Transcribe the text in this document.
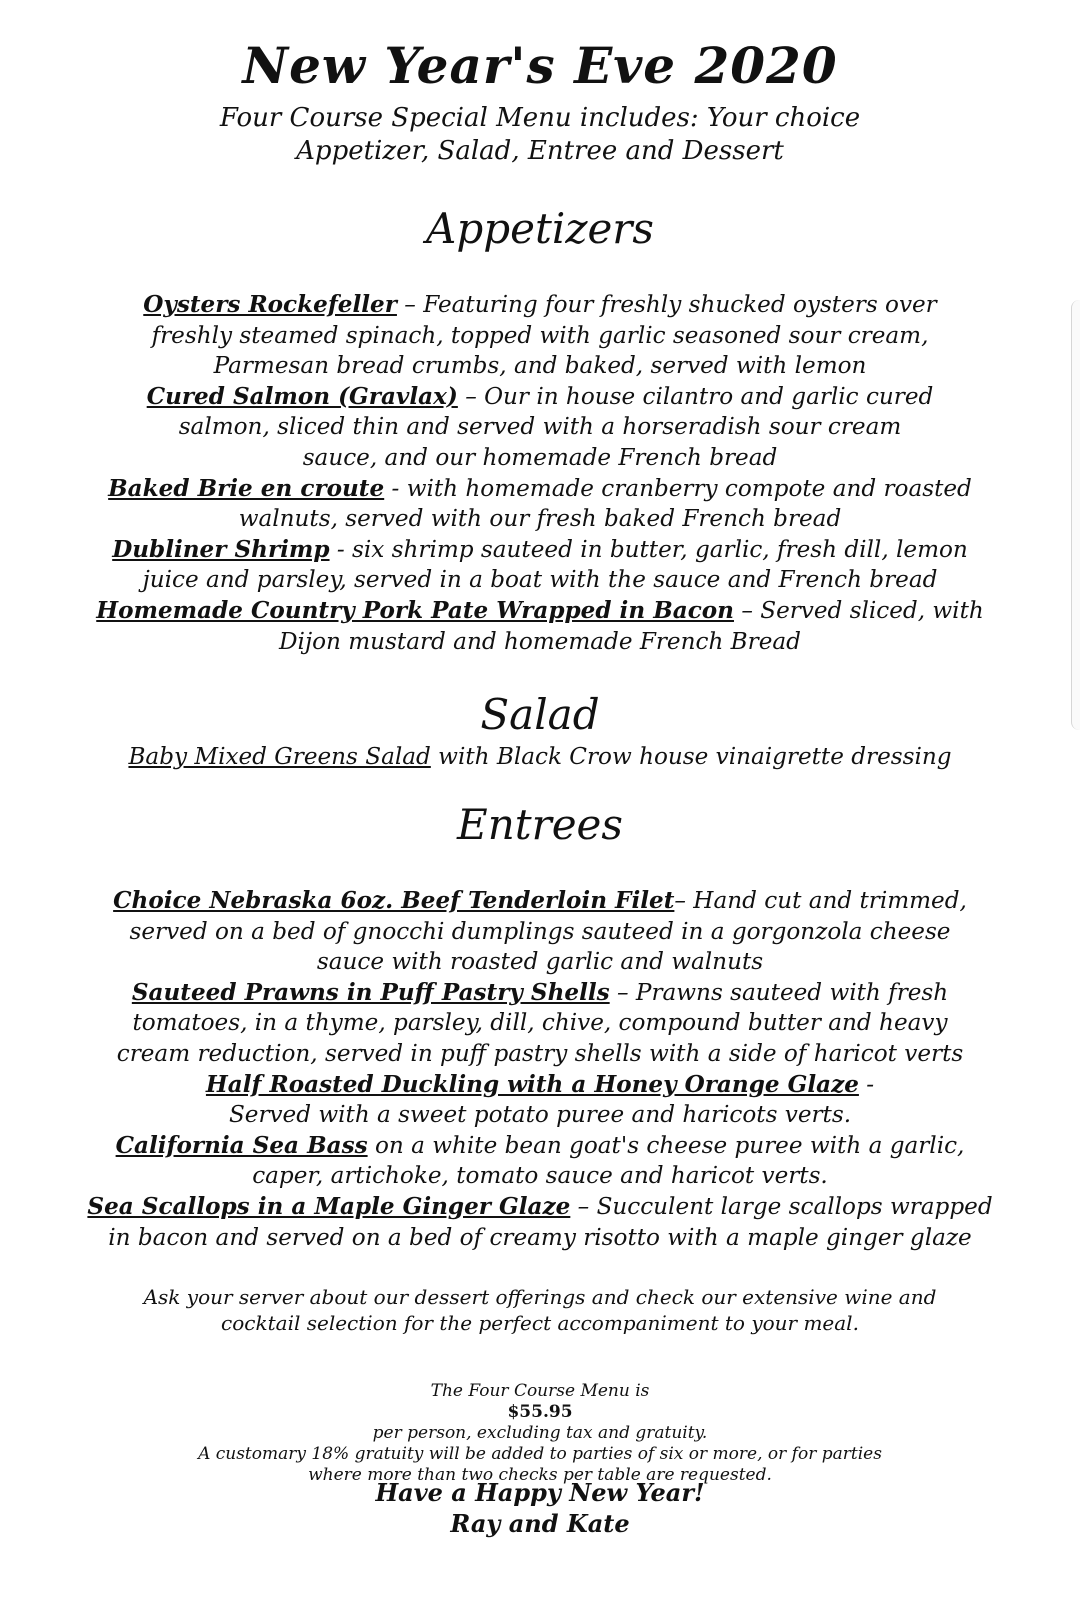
New Year's Eve 2020
Four Course Special Menu includes: Your choice
Appetizer, Salad, Entree and Dessert
Appetizers
Oysters Rockefeller – Featuring four freshly shucked oysters over
freshly steamed spinach, topped with garlic seasoned sour cream,
Parmesan bread crumbs, and baked, served with lemon
Cured Salmon (Gravlax) – Our in house cilantro and garlic cured
salmon, sliced thin and served with a horseradish sour cream
sauce, and our homemade French bread
Baked Brie en croute - with homemade cranberry compote and roasted
walnuts, served with our fresh baked French bread
Dubliner Shrimp - six shrimp sauteed in butter, garlic, fresh dill, lemon
juice and parsley, served in a boat with the sauce and French bread
Homemade Country Pork Pate Wrapped in Bacon – Served sliced, with
Dijon mustard and homemade French Bread
Salad
Baby Mixed Greens Salad with Black Crow house vinaigrette dressing
Entrees
Choice Nebraska 6oz. Beef Tenderloin Filet– Hand cut and trimmed,
served on a bed of gnocchi dumplings sauteed in a gorgonzola cheese
sauce with roasted garlic and walnuts
Sauteed Prawns in Puff Pastry Shells – Prawns sauteed with fresh
tomatoes, in a thyme, parsley, dill, chive, compound butter and heavy
cream reduction, served in puff pastry shells with a side of haricot verts
Half Roasted Duckling with a Honey Orange Glaze -
Served with a sweet potato puree and haricots verts.
California Sea Bass on a white bean goat's cheese puree with a garlic,
caper, artichoke, tomato sauce and haricot verts.
Sea Scallops in a Maple Ginger Glaze – Succulent large scallops wrapped
in bacon and served on a bed of creamy risotto with a maple ginger glaze
Ask your server about our dessert offerings and check our extensive wine and
cocktail selection for the perfect accompaniment to your meal.
The Four Course Menu is
$55.95
per person, excluding tax and gratuity.
A customary 18% gratuity will be added to parties of six or more, or for parties
where more than two checks per table are requested.
Have a Happy New Year!
Ray and Kate
